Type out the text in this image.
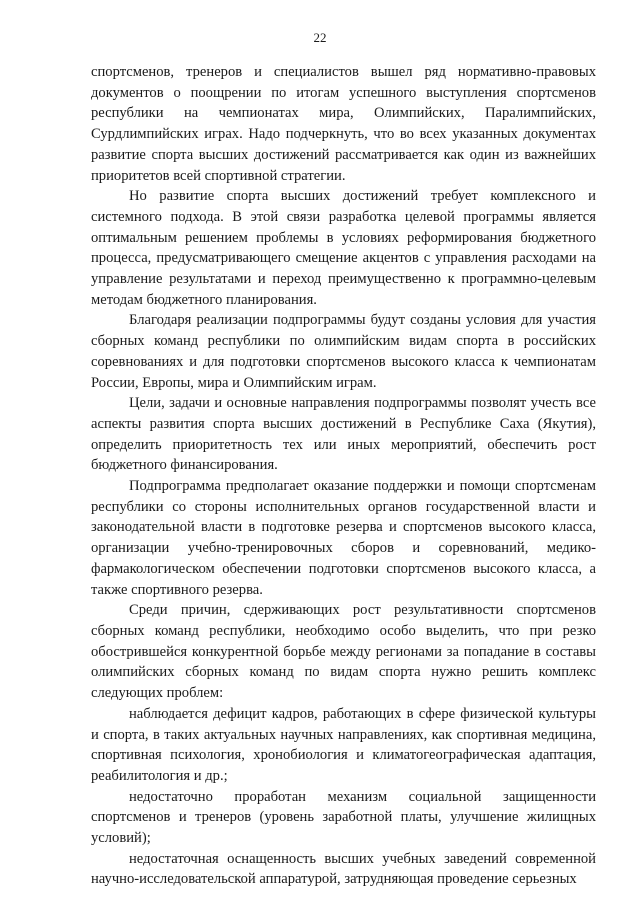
22

спортсменов, тренеров и специалистов вышел ряд нормативно-правовых документов о поощрении по итогам успешного выступления спортсменов республики на чемпионатах мира, Олимпийских, Паралимпийских, Сурдлимпийских играх. Надо подчеркнуть, что во всех указанных документах развитие спорта высших достижений рассматривается как один из важнейших приоритетов всей спортивной стратегии.

Но развитие спорта высших достижений требует комплексного и системного подхода. В этой связи разработка целевой программы является оптимальным решением проблемы в условиях реформирования бюджетного процесса, предусматривающего смещение акцентов с управления расходами на управление результатами и переход преимущественно к программно-целевым методам бюджетного планирования.

Благодаря реализации подпрограммы будут созданы условия для участия сборных команд республики по олимпийским видам спорта в российских соревнованиях и для подготовки спортсменов высокого класса к чемпионатам России, Европы, мира и Олимпийским играм.

Цели, задачи и основные направления подпрограммы позволят учесть все аспекты развития спорта высших достижений в Республике Саха (Якутия), определить приоритетность тех или иных мероприятий, обеспечить рост бюджетного финансирования.

Подпрограмма предполагает оказание поддержки и помощи спортсменам республики со стороны исполнительных органов государственной власти и законодательной власти в подготовке резерва и спортсменов высокого класса, организации учебно-тренировочных сборов и соревнований, медико-фармакологическом обеспечении подготовки спортсменов высокого класса, а также спортивного резерва.

Среди причин, сдерживающих рост результативности спортсменов сборных команд республики, необходимо особо выделить, что при резко обострившейся конкурентной борьбе между регионами за попадание в составы олимпийских сборных команд по видам спорта нужно решить комплекс следующих проблем:

наблюдается дефицит кадров, работающих в сфере физической культуры и спорта, в таких актуальных научных направлениях, как спортивная медицина, спортивная психология, хронобиология и климатогеографическая адаптация, реабилитология и др.;

недостаточно проработан механизм социальной защищенности спортсменов и тренеров (уровень заработной платы, улучшение жилищных условий);

недостаточная оснащенность высших учебных заведений современной научно-исследовательской аппаратурой, затрудняющая проведение серьезных
